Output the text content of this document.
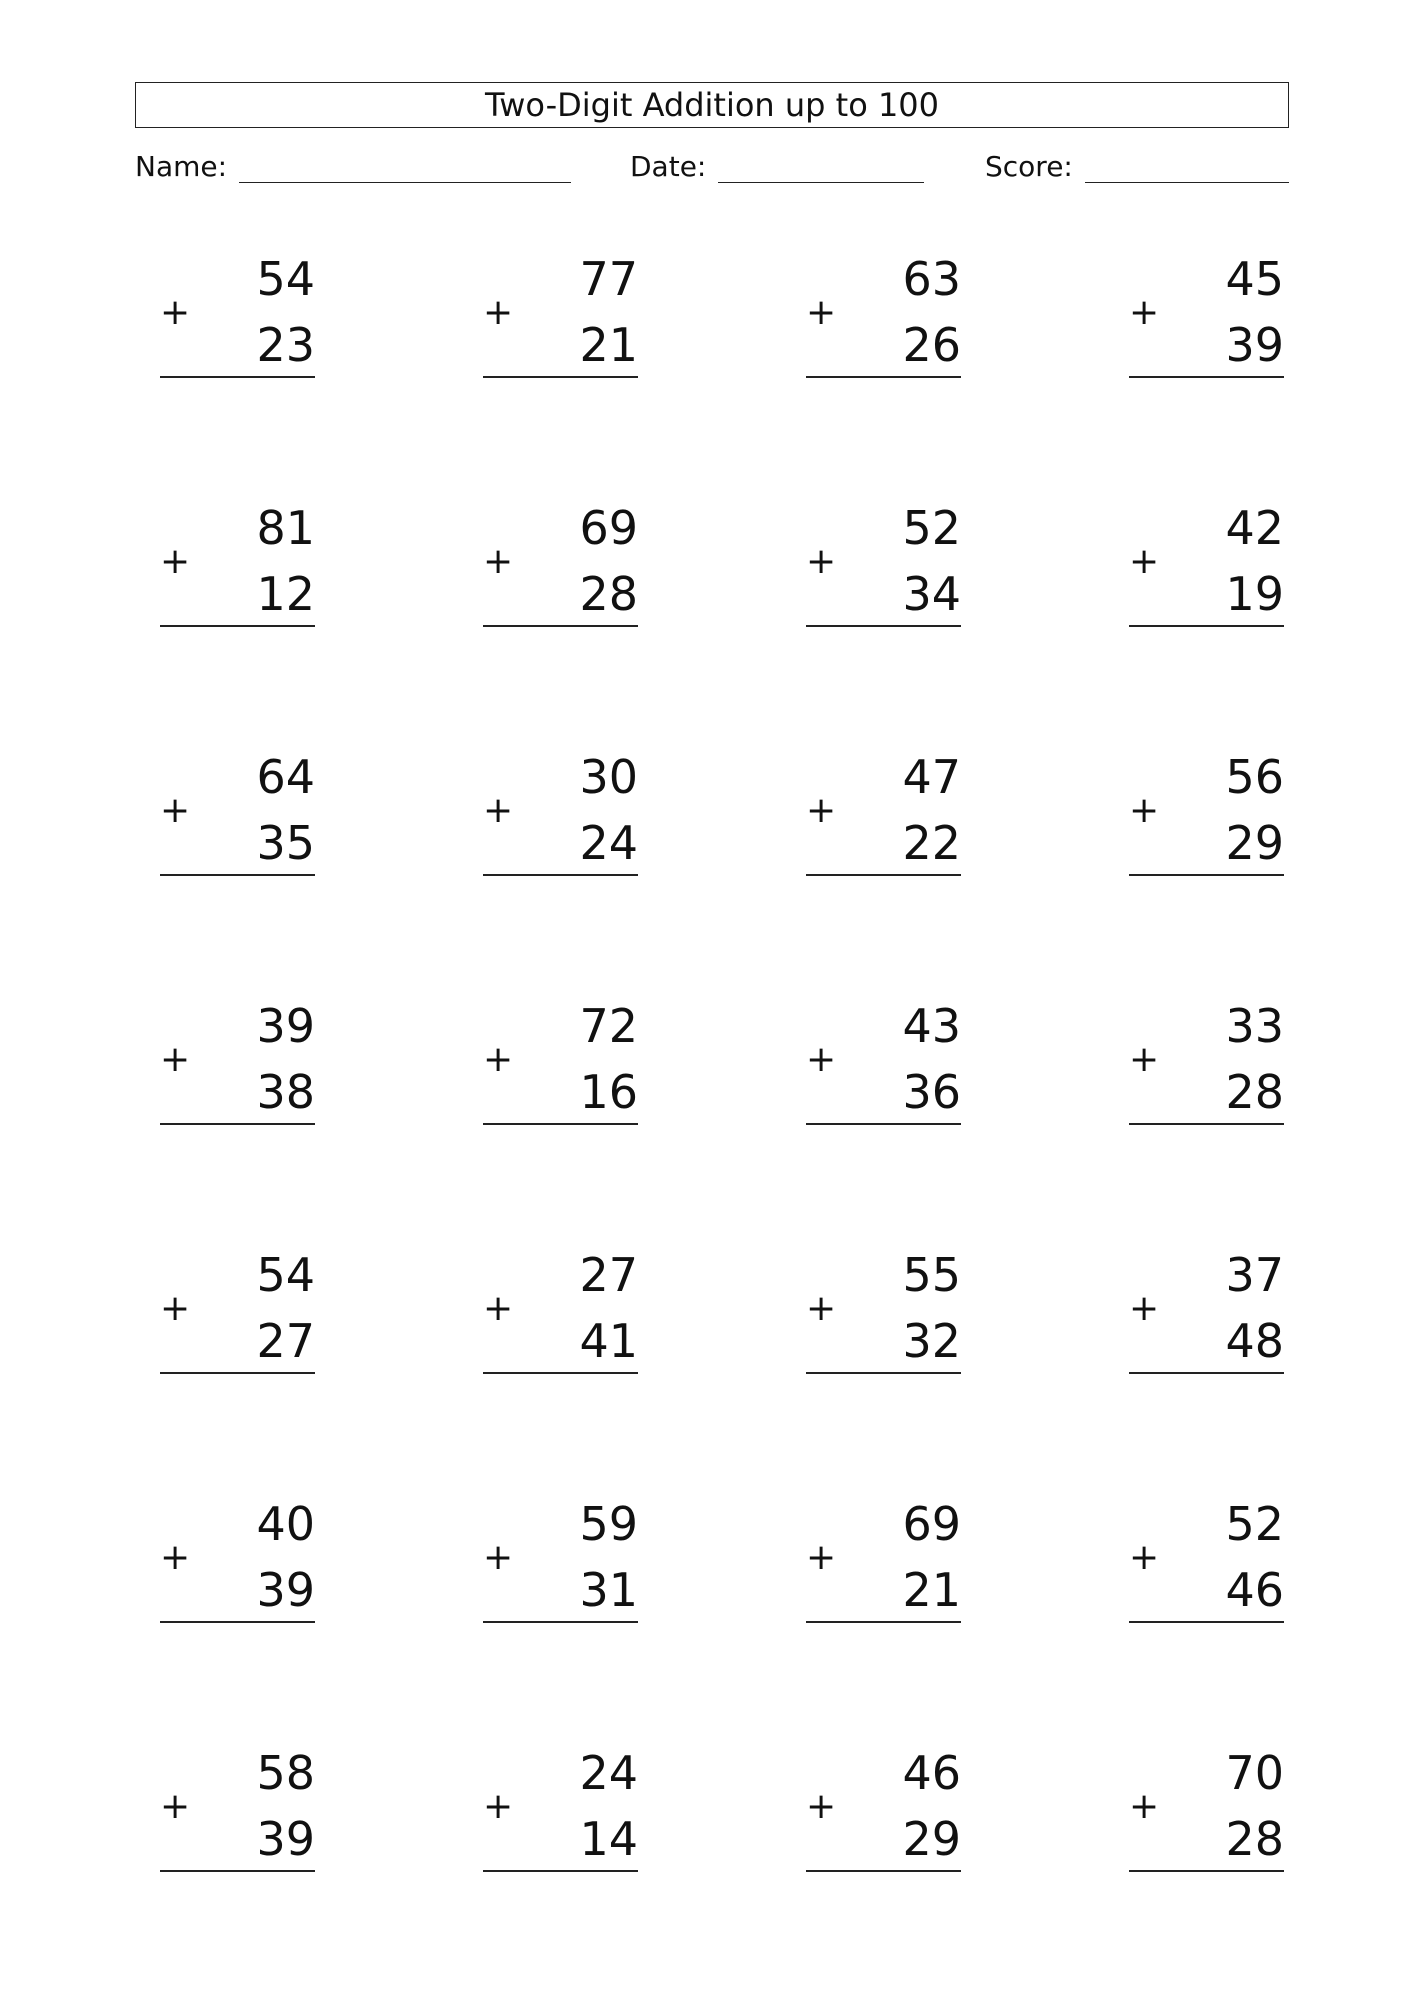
Two-Digit Addition up to 100
Name:	Date:	Score:
54
+
23
77
+
21
63
+
26
45
+
39
81
+
12
69
+
28
52
+
34
42
+
19
64
+
35
30
+
24
47
+
22
56
+
29
39
+
38
72
+
16
43
+
36
33
+
28
54
+
27
27
+
41
55
+
32
37
+
48
40
+
39
59
+
31
69
+
21
52
+
46
58
+
39
24
+
14
46
+
29
70
+
28
